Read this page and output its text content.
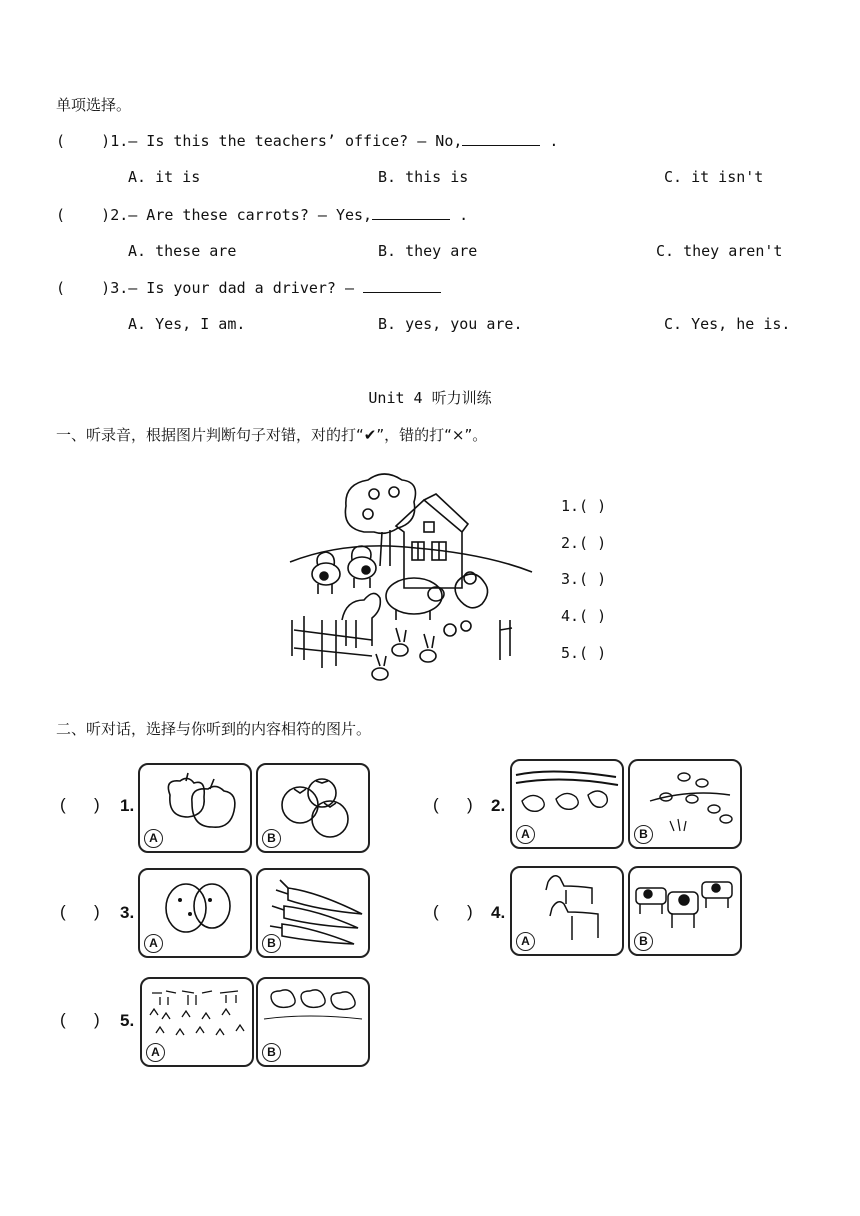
单项选择。
(    )1.— Is this the teachers’ office? — No,	.
A. it is	B. this is	C. it isn't
(    )2.— Are these carrots? — Yes,	.
A. these are	B. they are	C. they aren't
(    )3.— Is your dad a driver? —
A. Yes, I am.	B. yes, you are.	C. Yes, he is.
Unit 4 听力训练
一、听录音，根据图片判断句子对错，对的打“✔”，错的打“×”。
1.( )
2.( )
3.( )
4.( )
5.( )
二、听对话，选择与你听到的内容相符的图片。
( ) 1.
A	B
( ) 2.
A	B
( ) 3.
A	B
( ) 4.
A	B
( ) 5.
A	B
